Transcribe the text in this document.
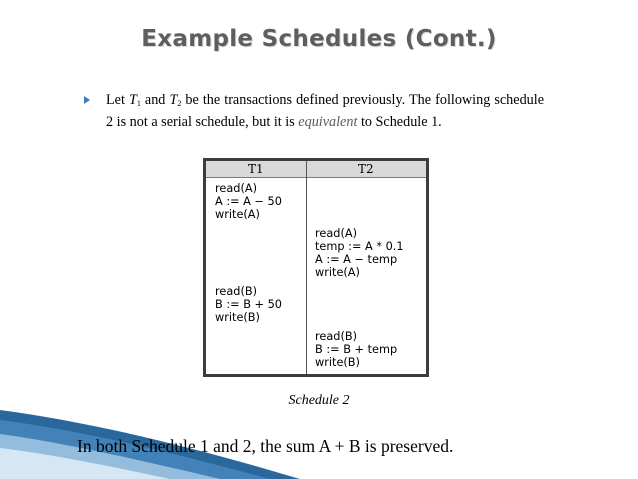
Example Schedules (Cont.)
Let $T_1$ and $T_2$ be the transactions defined previously. The following schedule 2 is not a serial schedule, but it is equivalent to Schedule 1.
T1	T2
read(A)
A := A − 50
write(A)
read(A)
temp := A * 0.1
A := A − temp
write(A)
read(B)
B := B + 50
write(B)
read(B)
B := B + temp
write(B)
Schedule 2
In both Schedule 1 and 2, the sum A + B is preserved.
